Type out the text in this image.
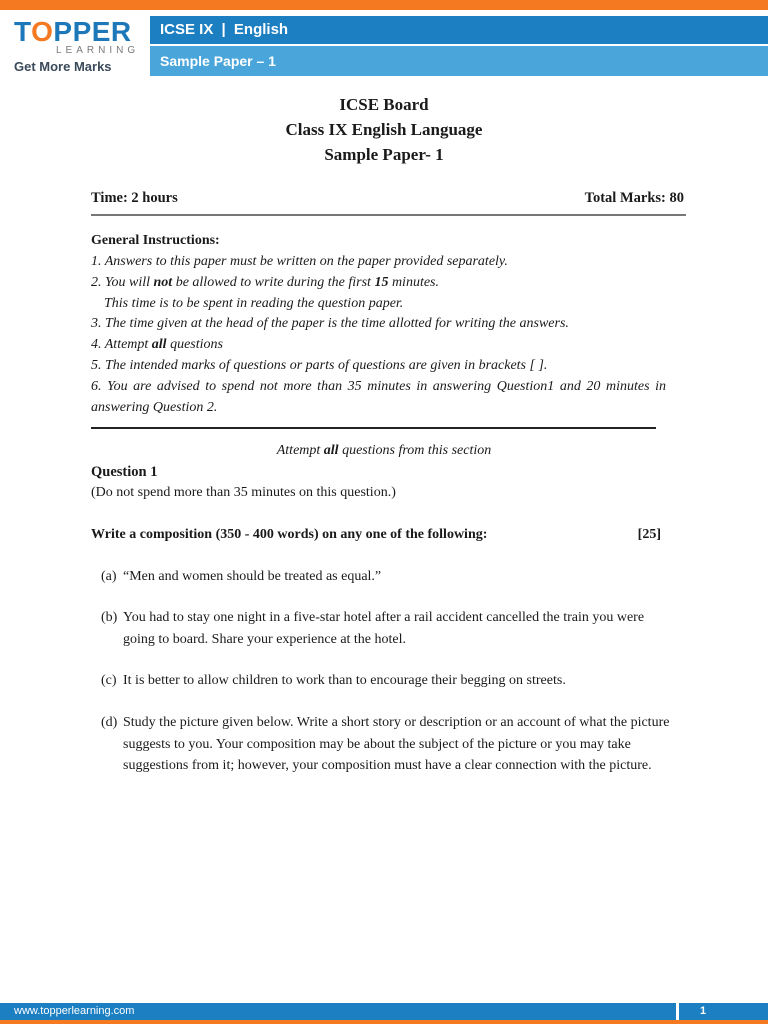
TOPPER
LEARNING
Get More Marks
ICSE IX | English
Sample Paper – 1
ICSE Board
Class IX English Language
Sample Paper- 1
Time: 2 hours	Total Marks: 80
General Instructions:
1. Answers to this paper must be written on the paper provided separately.
2. You will not be allowed to write during the first 15 minutes.
This time is to be spent in reading the question paper.
3. The time given at the head of the paper is the time allotted for writing the answers.
4. Attempt all questions
5. The intended marks of questions or parts of questions are given in brackets [ ].
6. You are advised to spend not more than 35 minutes in answering Question1 and 20 minutes in answering Question 2.
Attempt all questions from this section
Question 1
(Do not spend more than 35 minutes on this question.)
Write a composition (350 - 400 words) on any one of the following:	[25]
(a) “Men and women should be treated as equal.”
(b) You had to stay one night in a five-star hotel after a rail accident cancelled the train you were going to board. Share your experience at the hotel.
(c) It is better to allow children to work than to encourage their begging on streets.
(d) Study the picture given below. Write a short story or description or an account of what the picture suggests to you. Your composition may be about the subject of the picture or you may take suggestions from it; however, your composition must have a clear connection with the picture.
www.topperlearning.com	1
